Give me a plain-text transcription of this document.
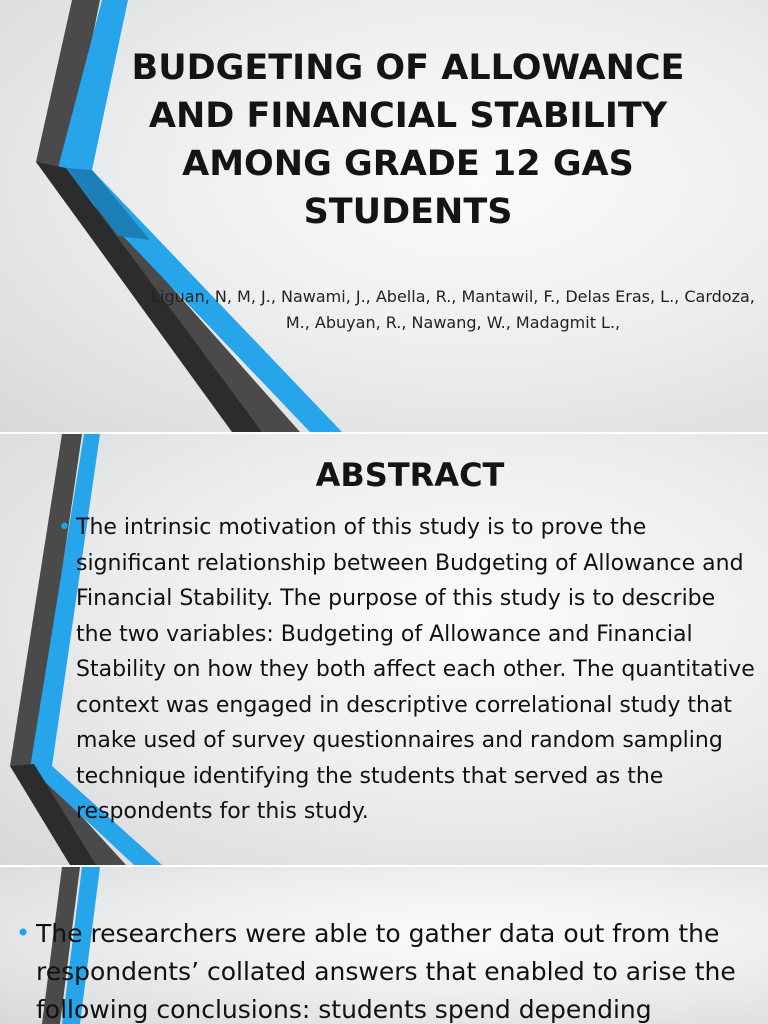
BUDGETING OF ALLOWANCE AND FINANCIAL STABILITY AMONG GRADE 12 GAS STUDENTS

Liguan, N, M, J., Nawami, J., Abella, R., Mantawil, F., Delas Eras, L., Cardoza, M., Abuyan, R., Nawang, W., Madagmit L.,

ABSTRACT
• The intrinsic motivation of this study is to prove the significant relationship between Budgeting of Allowance and Financial Stability. The purpose of this study is to describe the two variables: Budgeting of Allowance and Financial Stability on how they both affect each other. The quantitative context was engaged in descriptive correlational study that make used of survey questionnaires and random sampling technique identifying the students that served as the respondents for this study.

• The researchers were able to gather data out from the respondents’ collated answers that enabled to arise the following conclusions: students spend depending
